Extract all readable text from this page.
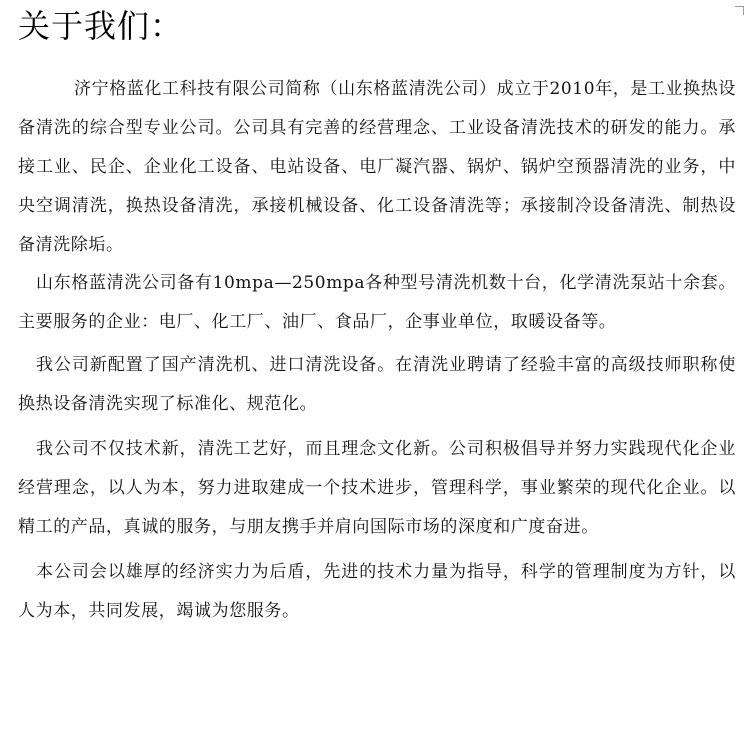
关于我们：

济宁格蓝化工科技有限公司简称（山东格蓝清洗公司）成立于2010年，是工业换热设备清洗的综合型专业公司。公司具有完善的经营理念、工业设备清洗技术的研发的能力。承接工业、民企、企业化工设备、电站设备、电厂凝汽器、锅炉、锅炉空预器清洗的业务，中央空调清洗，换热设备清洗，承接机械设备、化工设备清洗等；承接制冷设备清洗、制热设备清洗除垢。

山东格蓝清洗公司备有10mpa—250mpa各种型号清洗机数十台，化学清洗泵站十余套。主要服务的企业：电厂、化工厂、油厂、食品厂，企事业单位，取暖设备等。

我公司新配置了国产清洗机、进口清洗设备。在清洗业聘请了经验丰富的高级技师职称使换热设备清洗实现了标准化、规范化。

我公司不仅技术新，清洗工艺好，而且理念文化新。公司积极倡导并努力实践现代化企业经营理念，以人为本，努力进取建成一个技术进步，管理科学，事业繁荣的现代化企业。以精工的产品，真诚的服务，与朋友携手并肩向国际市场的深度和广度奋进。

本公司会以雄厚的经济实力为后盾，先进的技术力量为指导，科学的管理制度为方针，以人为本，共同发展，竭诚为您服务。
